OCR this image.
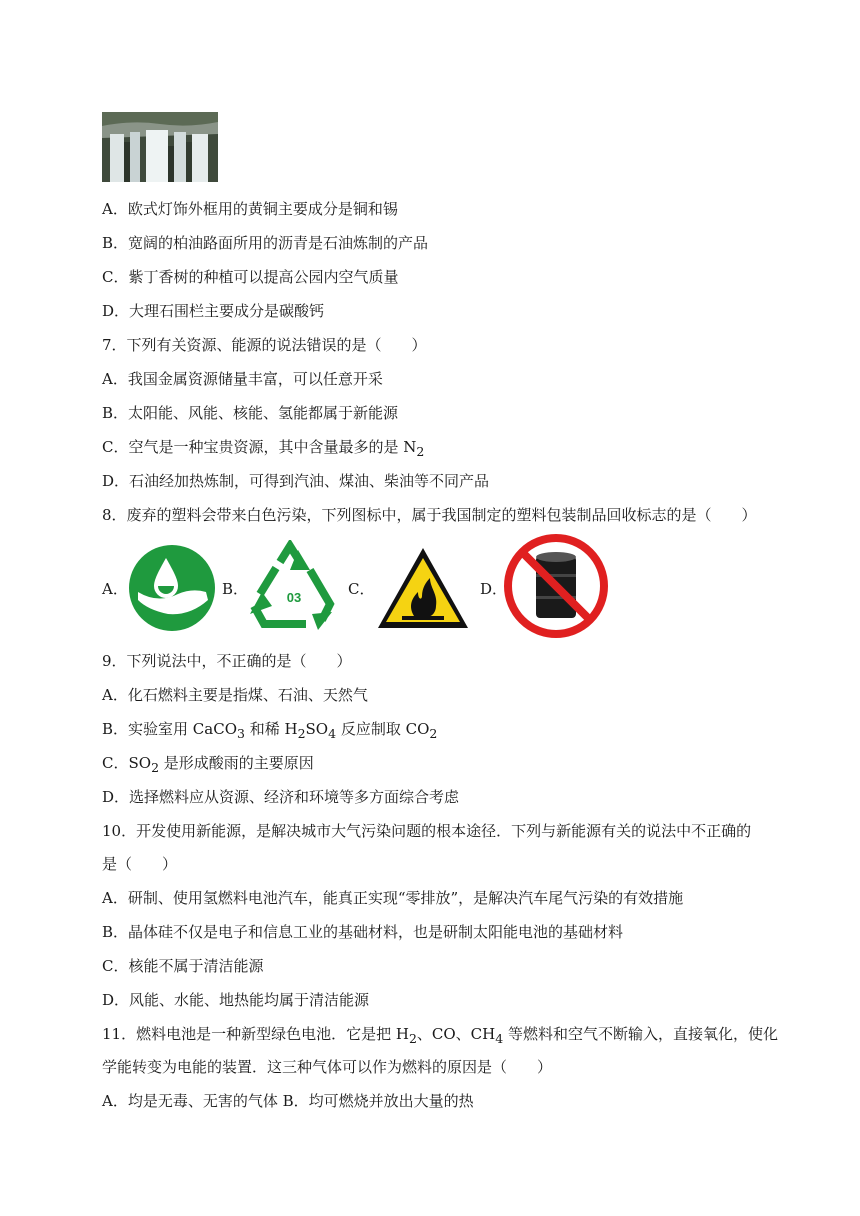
A．欧式灯饰外框用的黄铜主要成分是铜和锡
B．宽阔的柏油路面所用的沥青是石油炼制的产品
C．紫丁香树的种植可以提高公园内空气质量
D．大理石围栏主要成分是碳酸钙
7．下列有关资源、能源的说法错误的是（　　）
A．我国金属资源储量丰富，可以任意开采
B．太阳能、风能、核能、氢能都属于新能源
C．空气是一种宝贵资源，其中含量最多的是 $N_2$
D．石油经加热炼制，可得到汽油、煤油、柴油等不同产品
8．废弃的塑料会带来白色污染，下列图标中，属于我国制定的塑料包装制品回收标志的是（　　）
A．	B．	03	C．	D．
9．下列说法中，不正确的是（　　）
A．化石燃料主要是指煤、石油、天然气
B．实验室用 CaCO$_3$ 和稀 $H_2SO_4$ 反应制取 $CO_2$
C．$SO_2$ 是形成酸雨的主要原因
D．选择燃料应从资源、经济和环境等多方面综合考虑
10．开发使用新能源，是解决城市大气污染问题的根本途径．下列与新能源有关的说法中不正确的
是（　　）
A．研制、使用氢燃料电池汽车，能真正实现“零排放”，是解决汽车尾气污染的有效措施
B．晶体硅不仅是电子和信息工业的基础材料，也是研制太阳能电池的基础材料
C．核能不属于清洁能源
D．风能、水能、地热能均属于清洁能源
11．燃料电池是一种新型绿色电池．它是把 $H_2$、CO、$CH_4$ 等燃料和空气不断输入，直接氧化，使化
学能转变为电能的装置．这三种气体可以作为燃料的原因是（　　）
A．均是无毒、无害的气体 B．均可燃烧并放出大量的热
